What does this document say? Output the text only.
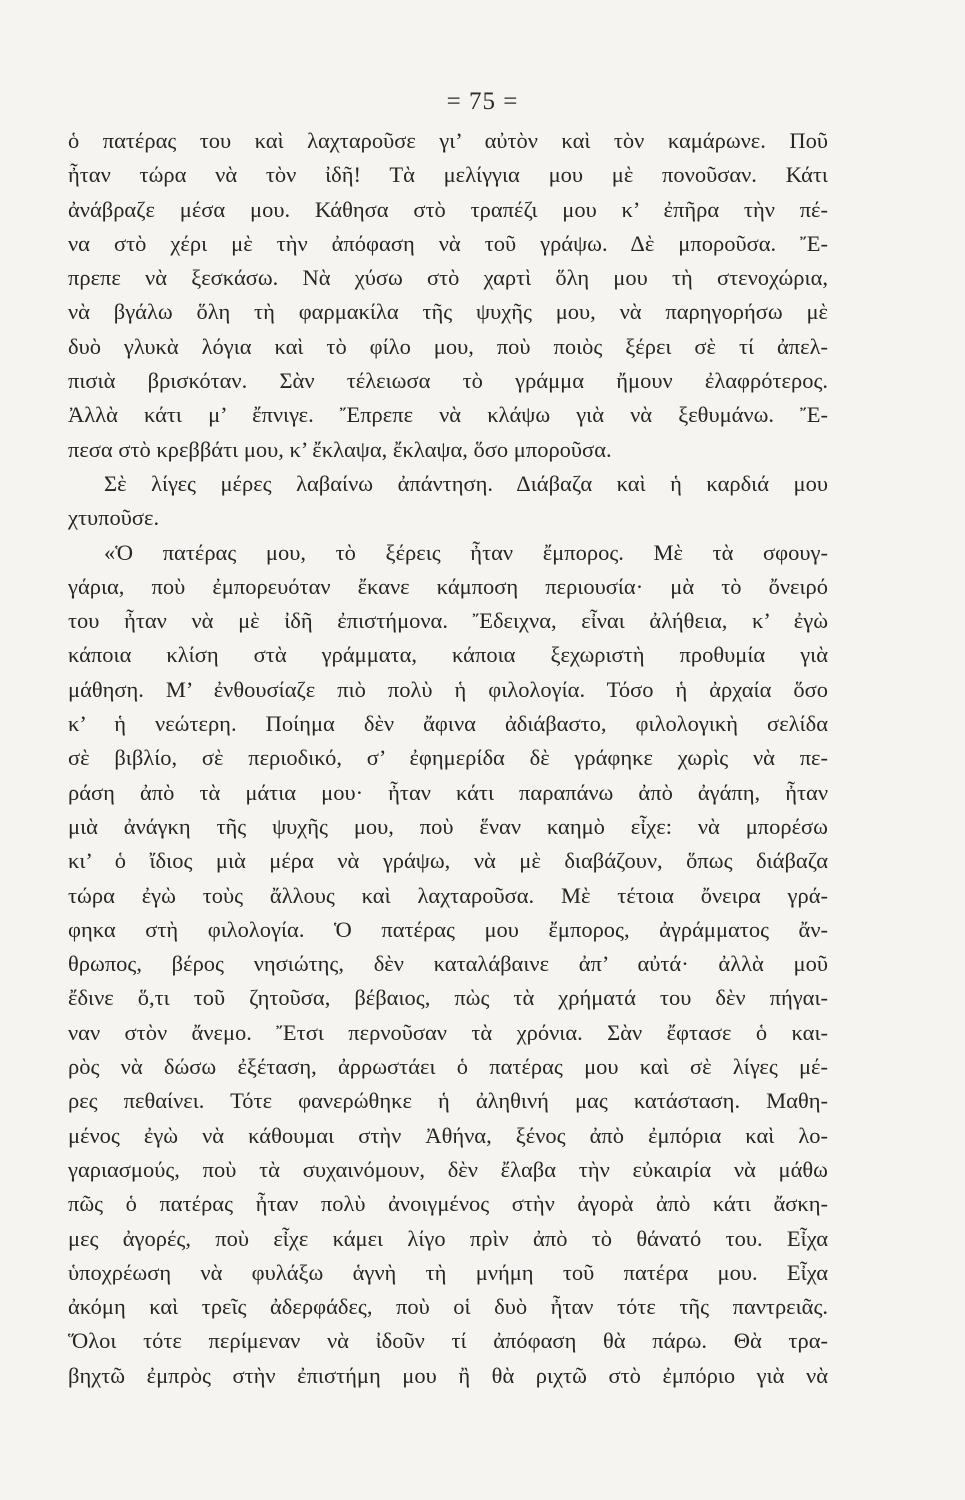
= 75 =
ὁ πατέρας του καὶ λαχταροῦσε γι’ αὐτὸν καὶ τὸν καμάρωνε. Ποῦ
ἦταν τώρα νὰ τὸν ἰδῆ! Τὰ μελίγγια μου μὲ πονοῦσαν. Κάτι
ἀνάβραζε μέσα μου. Κάθησα στὸ τραπέζι μου κ’ ἐπῆρα τὴν πέ-
να στὸ χέρι μὲ τὴν ἀπόφαση νὰ τοῦ γράψω. Δὲ μποροῦσα. Ἔ-
πρεπε νὰ ξεσκάσω. Νὰ χύσω στὸ χαρτὶ ὅλη μου τὴ στενοχώρια,
νὰ βγάλω ὅλη τὴ φαρμακίλα τῆς ψυχῆς μου, νὰ παρηγορήσω μὲ
δυὸ γλυκὰ λόγια καὶ τὸ φίλο μου, ποὺ ποιὸς ξέρει σὲ τί ἀπελ-
πισιὰ βρισκόταν. Σὰν τέλειωσα τὸ γράμμα ἤμουν ἐλαφρότερος.
Ἀλλὰ κάτι μ’ ἔπνιγε. Ἔπρεπε νὰ κλάψω γιὰ νὰ ξεθυμάνω. Ἔ-
πεσα στὸ κρεββάτι μου, κ’ ἔκλαψα, ἔκλαψα, ὅσο μποροῦσα.
Σὲ λίγες μέρες λαβαίνω ἀπάντηση. Διάβαζα καὶ ἡ καρδιά μου
χτυποῦσε.
«Ὁ πατέρας μου, τὸ ξέρεις ἦταν ἔμπορος. Μὲ τὰ σφουγ-
γάρια, ποὺ ἐμπορευόταν ἔκανε κάμποση περιουσία· μὰ τὸ ὄνειρό
του ἦταν νὰ μὲ ἰδῆ ἐπιστήμονα. Ἔδειχνα, εἶναι ἀλήθεια, κ’ ἐγὼ
κάποια κλίση στὰ γράμματα, κάποια ξεχωριστὴ προθυμία γιὰ
μάθηση. Μ’ ἐνθουσίαζε πιὸ πολὺ ἡ φιλολογία. Τόσο ἡ ἀρχαία ὅσο
κ’ ἡ νεώτερη. Ποίημα δὲν ἄφινα ἀδιάβαστο, φιλολογικὴ σελίδα
σὲ βιβλίο, σὲ περιοδικό, σ’ ἐφημερίδα δὲ γράφηκε χωρὶς νὰ πε-
ράση ἀπὸ τὰ μάτια μου· ἦταν κάτι παραπάνω ἀπὸ ἀγάπη, ἦταν
μιὰ ἀνάγκη τῆς ψυχῆς μου, ποὺ ἕναν καημὸ εἶχε: νὰ μπορέσω
κι’ ὁ ἴδιος μιὰ μέρα νὰ γράψω, νὰ μὲ διαβάζουν, ὅπως διάβαζα
τώρα ἐγὼ τοὺς ἄλλους καὶ λαχταροῦσα. Μὲ τέτοια ὄνειρα γρά-
φηκα στὴ φιλολογία. Ὁ πατέρας μου ἔμπορος, ἀγράμματος ἄν-
θρωπος, βέρος νησιώτης, δὲν καταλάβαινε ἀπ’ αὐτά· ἀλλὰ μοῦ
ἔδινε ὅ,τι τοῦ ζητοῦσα, βέβαιος, πὼς τὰ χρήματά του δὲν πήγαι-
ναν στὸν ἄνεμο. Ἔτσι περνοῦσαν τὰ χρόνια. Σὰν ἔφτασε ὁ και-
ρὸς νὰ δώσω ἐξέταση, ἀρρωστάει ὁ πατέρας μου καὶ σὲ λίγες μέ-
ρες πεθαίνει. Τότε φανερώθηκε ἡ ἀληθινή μας κατάσταση. Μαθη-
μένος ἐγὼ νὰ κάθουμαι στὴν Ἀθήνα, ξένος ἀπὸ ἐμπόρια καὶ λο-
γαριασμούς, ποὺ τὰ συχαινόμουν, δὲν ἔλαβα τὴν εὐκαιρία νὰ μάθω
πῶς ὁ πατέρας ἦταν πολὺ ἀνοιγμένος στὴν ἀγορὰ ἀπὸ κάτι ἄσκη-
μες ἀγορές, ποὺ εἶχε κάμει λίγο πρὶν ἀπὸ τὸ θάνατό του. Εἶχα
ὑποχρέωση νὰ φυλάξω ἁγνὴ τὴ μνήμη τοῦ πατέρα μου. Εἶχα
ἀκόμη καὶ τρεῖς ἀδερφάδες, ποὺ οἱ δυὸ ἦταν τότε τῆς παντρειᾶς.
Ὅλοι τότε περίμεναν νὰ ἰδοῦν τί ἀπόφαση θὰ πάρω. Θὰ τρα-
βηχτῶ ἐμπρὸς στὴν ἐπιστήμη μου ἢ θὰ ριχτῶ στὸ ἐμπόριο γιὰ νὰ
